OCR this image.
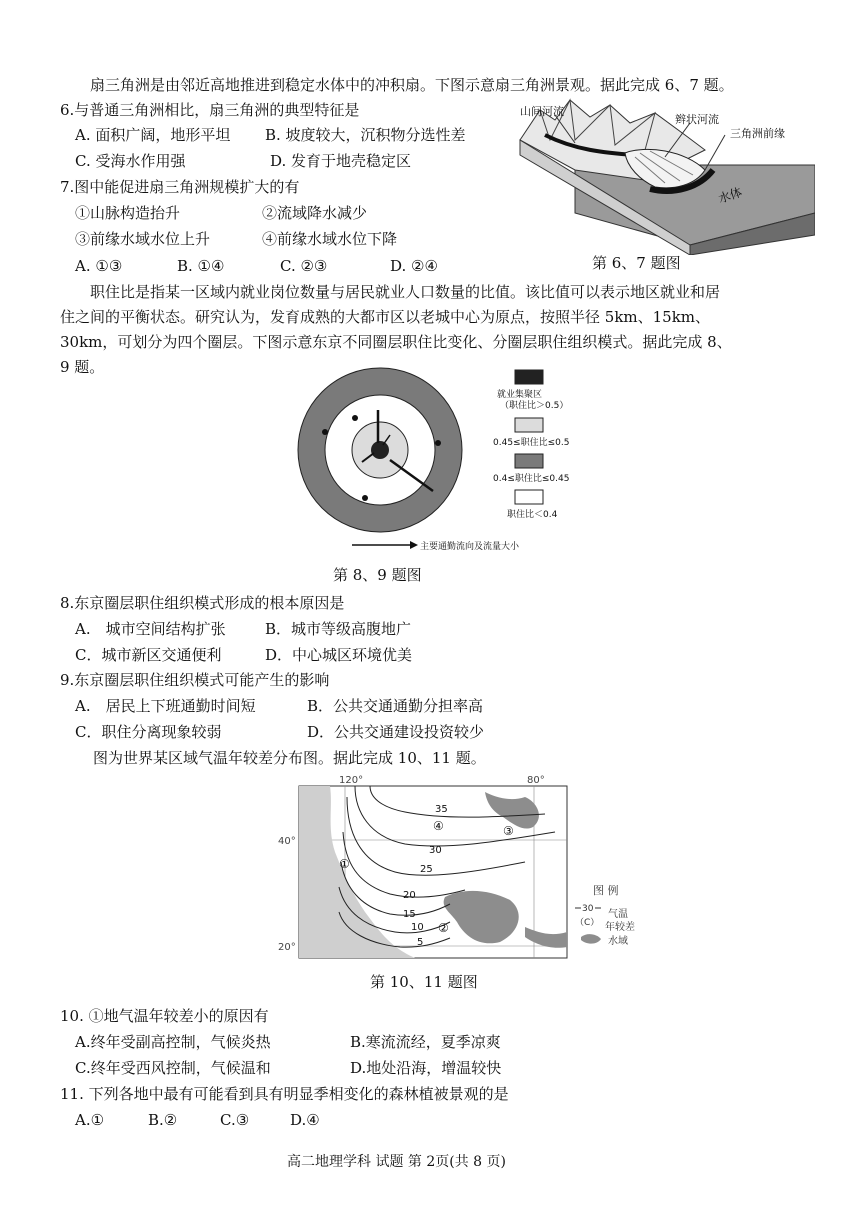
扇三角洲是由邻近高地推进到稳定水体中的冲积扇。下图示意扇三角洲景观。据此完成 6、7 题。
6.与普通三角洲相比，扇三角洲的典型特征是
A. 面积广阔，地形平坦 B. 坡度较大，沉积物分选性差
C. 受海水作用强	D. 发育于地壳稳定区
7.图中能促进扇三角洲规模扩大的有
①山脉构造抬升	②流域降水减少
③前缘水域水位上升	④前缘水域水位下降
A. ①③	B. ①④	C. ②③	D. ②④
山间河流
辫状河流
三角洲前缘
水体
第 6、7 题图
职住比是指某一区域内就业岗位数量与居民就业人口数量的比值。该比值可以表示地区就业和居
住之间的平衡状态。研究认为，发育成熟的大都市区以老城中心为原点，按照半径 5km、15km、
30km，可划分为四个圈层。下图示意东京不同圈层职住比变化、分圈层职住组织模式。据此完成 8、
9 题。
就业集聚区
（职住比＞0.5）
0.45≤职住比≤0.5
0.4≤职住比≤0.45
职住比＜0.4
主要通勤流向及流量大小
第 8、9 题图
8.东京圈层职住组织模式形成的根本原因是
A.　城市空间结构扩张	B．城市等级高腹地广
C．城市新区交通便利	D．中心城区环境优美
9.东京圈层职住组织模式可能产生的影响
A.　居民上下班通勤时间短	B．公共交通通勤分担率高
C．职住分离现象较弱	D．公共交通建设投资较少
图为世界某区域气温年较差分布图。据此完成 10、11 题。
120°	80°
40°
20°
35
30
25
20
15
10
5
①
②
③
④
图 例
30
（C）
气温
年较差
水域
第 10、11 题图
10. ①地气温年较差小的原因有
A.终年受副高控制，气候炎热	B.寒流流经，夏季凉爽
C.终年受西风控制，气候温和	D.地处沿海，增温较快
11. 下列各地中最有可能看到具有明显季相变化的森林植被景观的是
A.①	B.②	C.③	D.④
高二地理学科 试题 第 2页(共 8 页)
